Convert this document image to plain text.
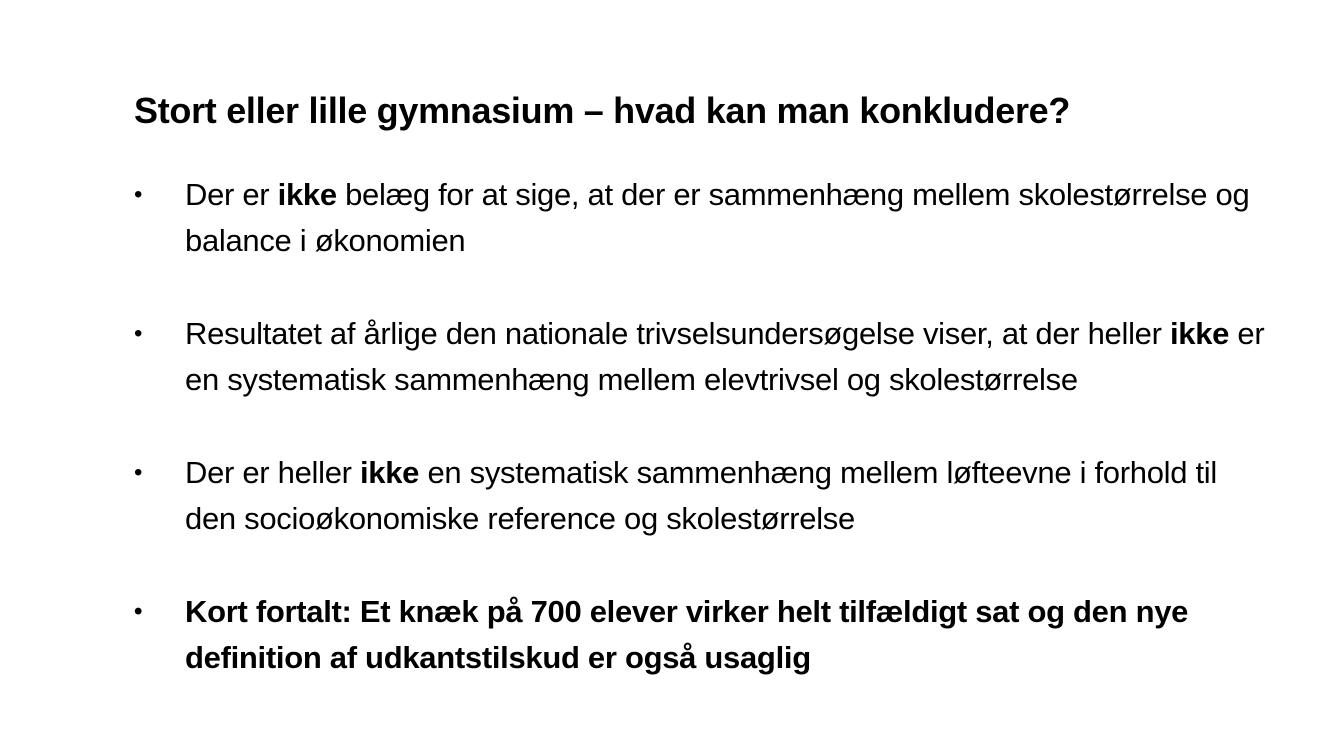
Stort eller lille gymnasium – hvad kan man konkludere?
•	Der er ikke belæg for at sige, at der er sammenhæng mellem skolestørrelse og balance i økonomien
•	Resultatet af årlige den nationale trivselsundersøgelse viser, at der heller ikke er en systematisk sammenhæng mellem elevtrivsel og skolestørrelse
•	Der er heller ikke en systematisk sammenhæng mellem løfteevne i forhold til den socioøkonomiske reference og skolestørrelse
•	Kort fortalt: Et knæk på 700 elever virker helt tilfældigt sat og den nye definition af udkantstilskud er også usaglig
